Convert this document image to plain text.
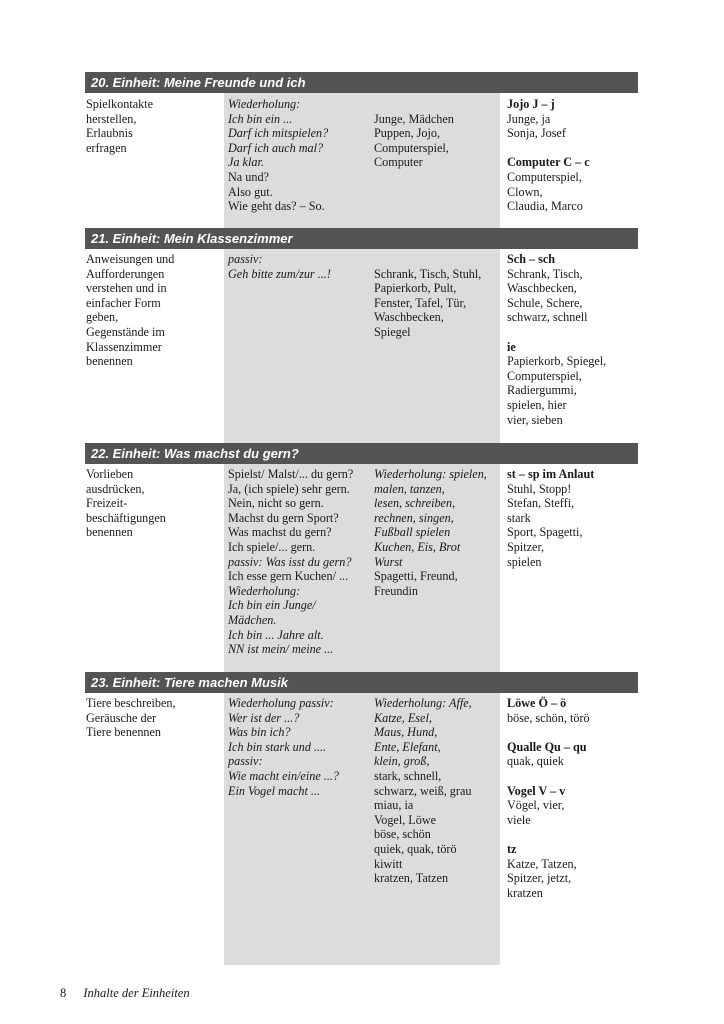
20. Einheit: Meine Freunde und ich
Spielkontakte
herstellen,
Erlaubnis
erfragen
Wiederholung:
Ich bin ein ...
Darf ich mitspielen?
Darf ich auch mal?
Ja klar.
Na und?
Also gut.
Wie geht das? – So.
Junge, Mädchen
Puppen, Jojo,
Computerspiel,
Computer
Jojo J – j
Junge, ja
Sonja, Josef
Computer C – c
Computerspiel,
Clown,
Claudia, Marco
21. Einheit: Mein Klassenzimmer
Anweisungen und
Aufforderungen
verstehen und in
einfacher Form
geben,
Gegenstände im
Klassenzimmer
benennen
passiv:
Geh bitte zum/zur ...!	Schrank, Tisch, Stuhl,
Papierkorb, Pult,
Fenster, Tafel, Tür,
Waschbecken,
Spiegel
Sch – sch
Schrank, Tisch,
Waschbecken,
Schule, Schere,
schwarz, schnell
ie
Papierkorb, Spiegel,
Computerspiel,
Radiergummi,
spielen, hier
vier, sieben
22. Einheit: Was machst du gern?
Vorlieben
ausdrücken,
Freizeit-
beschäftigungen
benennen
Spielst/ Malst/... du gern?
Ja, (ich spiele) sehr gern.
Nein, nicht so gern.
Machst du gern Sport?
Was machst du gern?
Ich spiele/... gern.
passiv: Was isst du gern?
Ich esse gern Kuchen/ ...
Wiederholung:
Ich bin ein Junge/
Mädchen.
Ich bin ... Jahre alt.
NN ist mein/ meine ...
Wiederholung: spielen,
malen, tanzen,
lesen, schreiben,
rechnen, singen,
Fußball spielen
Kuchen, Eis, Brot
Wurst
Spagetti, Freund,
Freundin
st – sp im Anlaut
Stuhl, Stopp!
Stefan, Steffi,
stark
Sport, Spagetti,
Spitzer,
spielen
23. Einheit: Tiere machen Musik
Tiere beschreiben,
Geräusche der
Tiere benennen
Wiederholung passiv:
Wer ist der ...?
Was bin ich?
Ich bin stark und ....
passiv:
Wie macht ein/eine ...?
Ein Vogel macht ...
Wiederholung: Affe,
Katze, Esel,
Maus, Hund,
Ente, Elefant,
klein, groß,
stark, schnell,
schwarz, weiß, grau
miau, ia
Vogel, Löwe
böse, schön
quiek, quak, törö
kiwitt
kratzen, Tatzen
Löwe Ö – ö
böse, schön, törö
Qualle Qu – qu
quak, quiek
Vogel V – v
Vögel, vier,
viele
tz
Katze, Tatzen,
Spitzer, jetzt,
kratzen
8 Inhalte der Einheiten
